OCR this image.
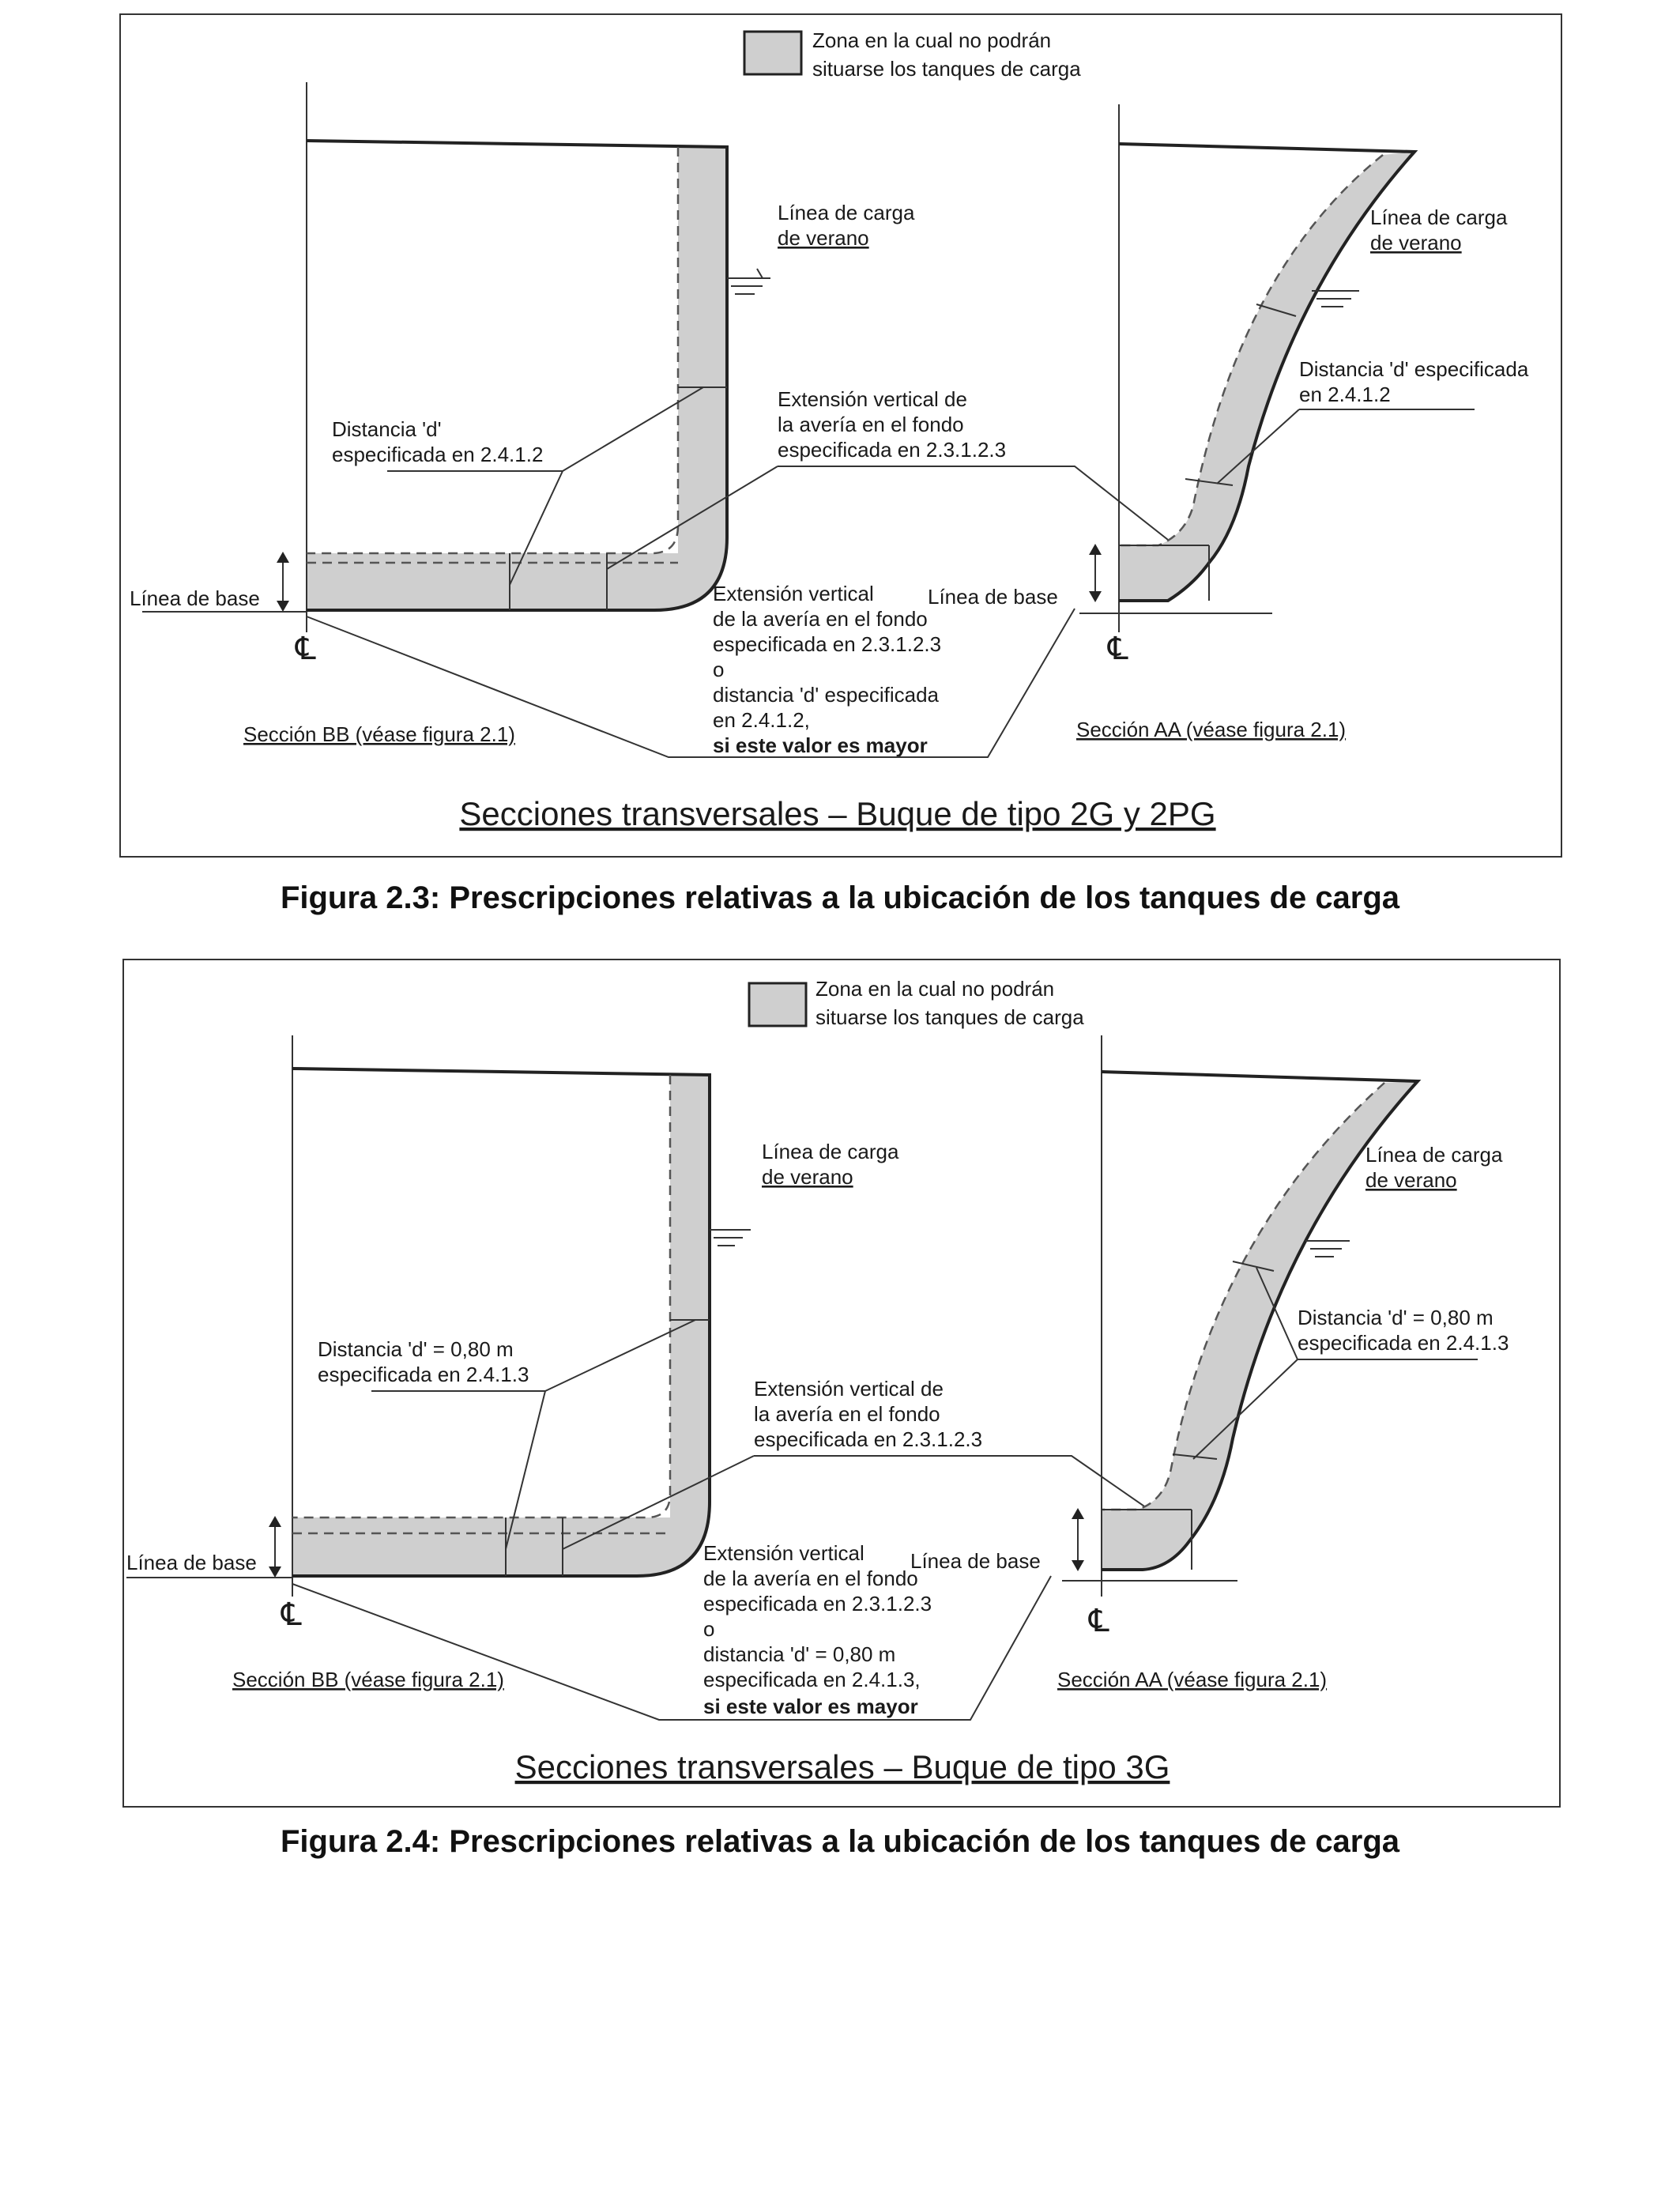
Zona en la cual no podrán
situarse los tanques de carga
℄
Línea de carga
de verano
Distancia 'd'
especificada en 2.4.1.2
Extensión vertical de
la avería en el fondo
especificada en 2.3.1.2.3
Línea de base
Sección BB (véase figura 2.1)
Extensión vertical
de la avería en el fondo
especificada en 2.3.1.2.3
o
distancia 'd' especificada
en 2.4.1.2,
si este valor es mayor
℄
Línea de carga
de verano
Distancia 'd' especificada
en 2.4.1.2
Línea de base
Sección AA (véase figura 2.1)
Secciones transversales – Buque de tipo 2G y 2PG
Zona en la cual no podrán
situarse los tanques de carga
℄
Línea de carga
de verano
Distancia 'd' = 0,80 m
especificada en 2.4.1.3
Extensión vertical de
la avería en el fondo
especificada en 2.3.1.2.3
Línea de base
Sección BB (véase figura 2.1)
Extensión vertical
de la avería en el fondo
especificada en 2.3.1.2.3
o
distancia 'd' = 0,80 m
especificada en 2.4.1.3,
si este valor es mayor
℄
Línea de carga
de verano
Distancia 'd' = 0,80 m
especificada en 2.4.1.3
Línea de base
Sección AA (véase figura 2.1)
Secciones transversales – Buque de tipo 3G
Figura 2.3: Prescripciones relativas a la ubicación de los tanques de carga
Figura 2.4: Prescripciones relativas a la ubicación de los tanques de carga
